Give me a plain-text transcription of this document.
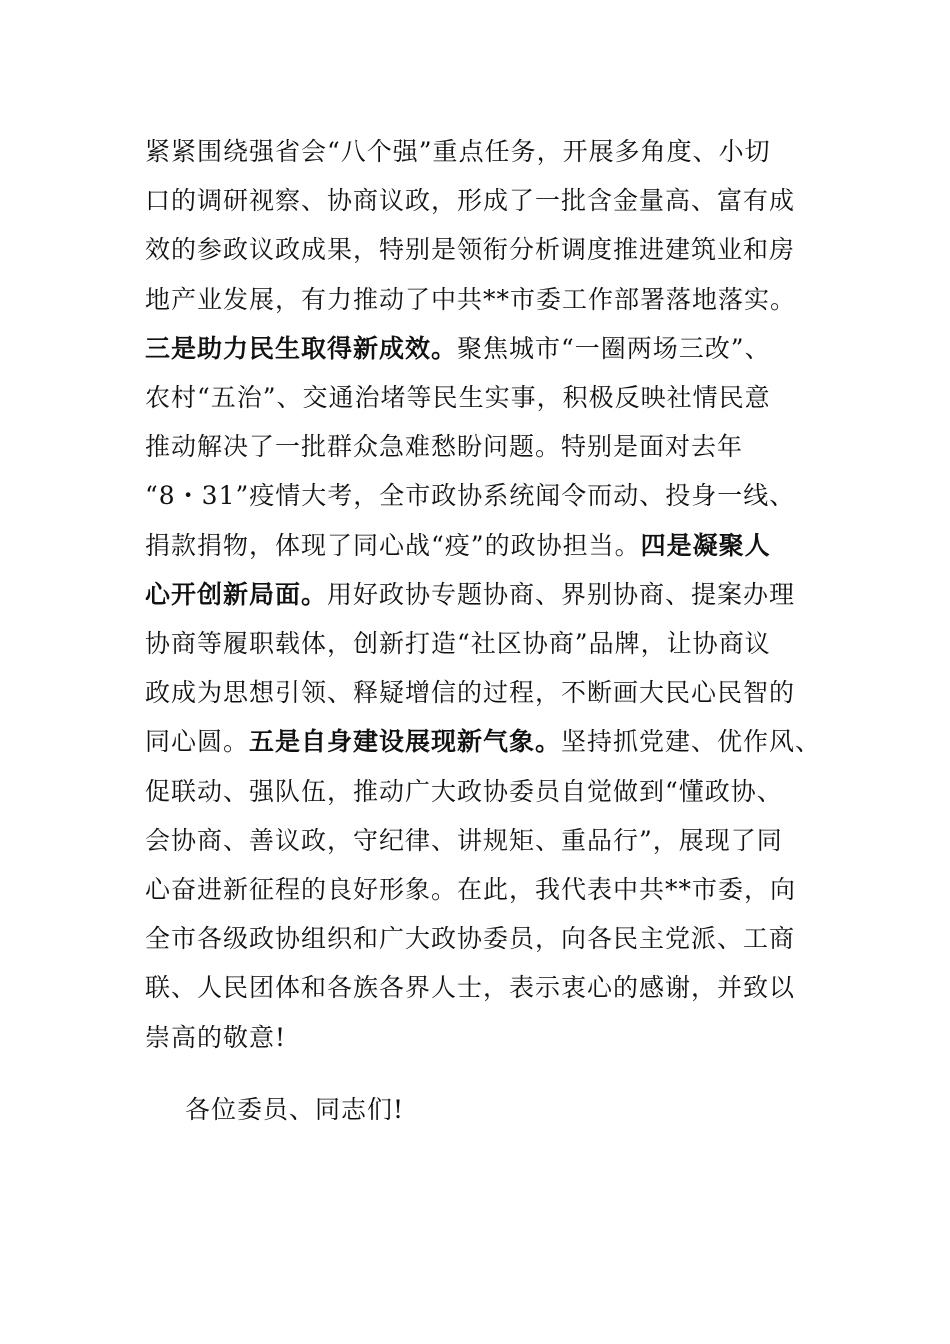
紧紧围绕强省会“八个强”重点任务，开展多角度、小切
口的调研视察、协商议政，形成了一批含金量高、富有成
效的参政议政成果，特别是领衔分析调度推进建筑业和房
地产业发展，有力推动了中共**市委工作部署落地落实。
三是助力民生取得新成效。聚焦城市“一圈两场三改”、
农村“五治”、交通治堵等民生实事，积极反映社情民意
推动解决了一批群众急难愁盼问题。特别是面对去年
“8・31”疫情大考，全市政协系统闻令而动、投身一线、
捐款捐物，体现了同心战“疫”的政协担当。四是凝聚人
心开创新局面。用好政协专题协商、界别协商、提案办理
协商等履职载体，创新打造“社区协商”品牌，让协商议
政成为思想引领、释疑增信的过程，不断画大民心民智的
同心圆。五是自身建设展现新气象。坚持抓党建、优作风、
促联动、强队伍，推动广大政协委员自觉做到“懂政协、
会协商、善议政，守纪律、讲规矩、重品行”，展现了同
心奋进新征程的良好形象。在此，我代表中共**市委，向
全市各级政协组织和广大政协委员，向各民主党派、工商
联、人民团体和各族各界人士，表示衷心的感谢，并致以
崇高的敬意!
各位委员、同志们!
